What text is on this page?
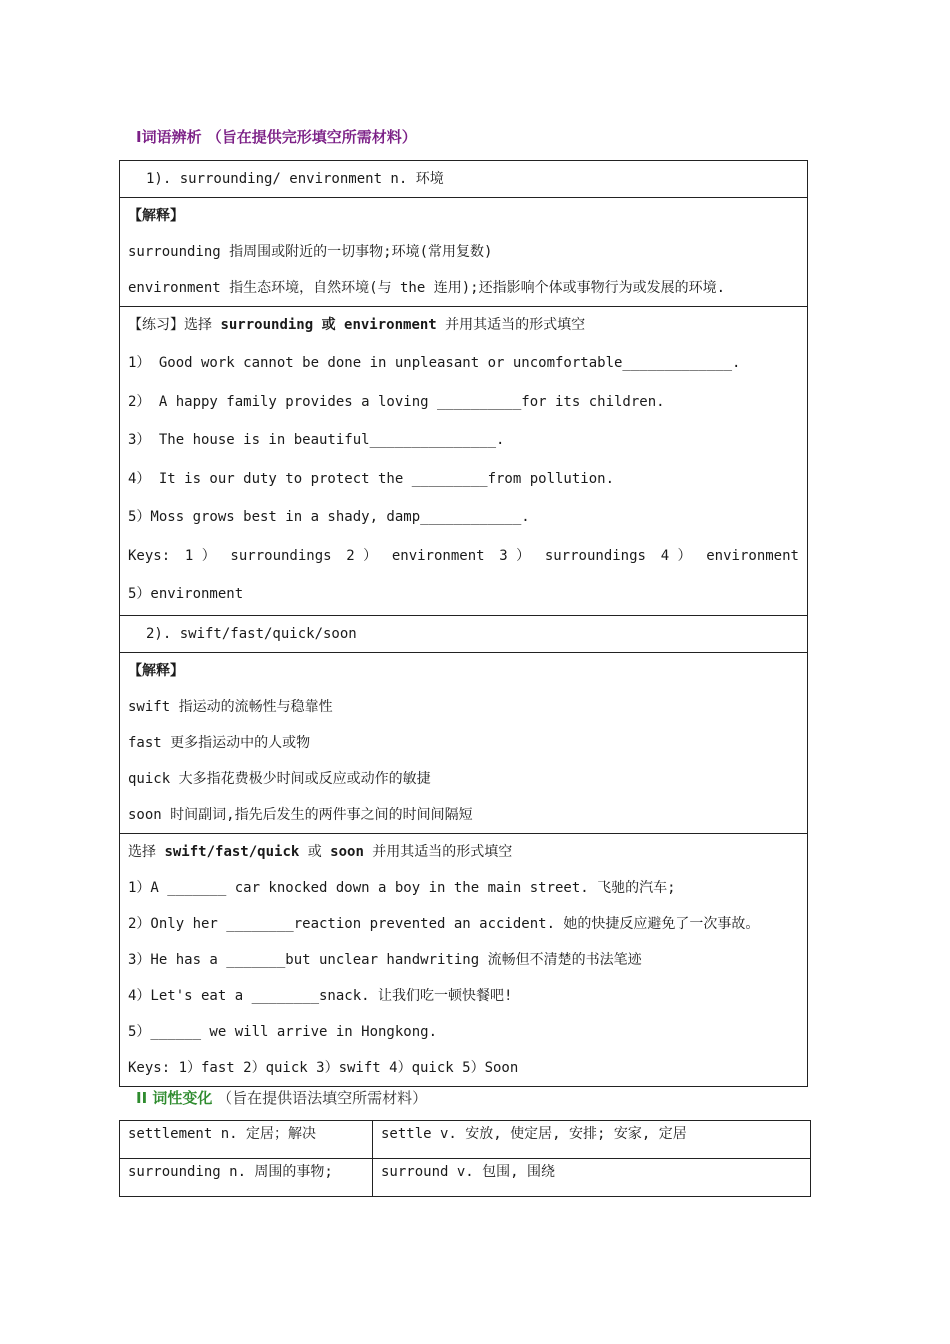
Ⅰ词语辨析 （旨在提供完形填空所需材料）
1). surrounding/ environment n. 环境

【解释】
surrounding 指周围或附近的一切事物;环境(常用复数)
environment 指生态环境，自然环境(与 the 连用);还指影响个体或事物行为或发展的环境.

【练习】选择 surrounding 或 environment 并用其适当的形式填空
1） Good work cannot be done in unpleasant or uncomfortable_____________.
2） A happy family provides a loving __________for its children.
3） The house is in beautiful_______________.
4） It is our duty to protect the _________from pollution.
5）Moss grows best in a shady, damp____________.
Keys: 1 ） surroundings 2 ） environment 3 ） surroundings 4 ） environment
5）environment

2). swift/fast/quick/soon

【解释】
swift 指运动的流畅性与稳靠性
fast 更多指运动中的人或物
quick 大多指花费极少时间或反应或动作的敏捷
soon 时间副词,指先后发生的两件事之间的时间间隔短

选择 swift/fast/quick 或 soon 并用其适当的形式填空
1）A _______ car knocked down a boy in the main street. 飞驰的汽车;
2）Only her ________reaction prevented an accident. 她的快捷反应避免了一次事故。
3）He has a _______but unclear handwriting 流畅但不清楚的书法笔迹
4）Let's eat a ________snack. 让我们吃一顿快餐吧!
5）______ we will arrive in Hongkong.
Keys: 1）fast 2）quick 3）swift 4）quick 5）Soon
II 词性变化 （旨在提供语法填空所需材料）
settlement n. 定居；解决	settle v. 安放, 使定居, 安排; 安家, 定居
surrounding n. 周围的事物;	surround v. 包围, 围绕
